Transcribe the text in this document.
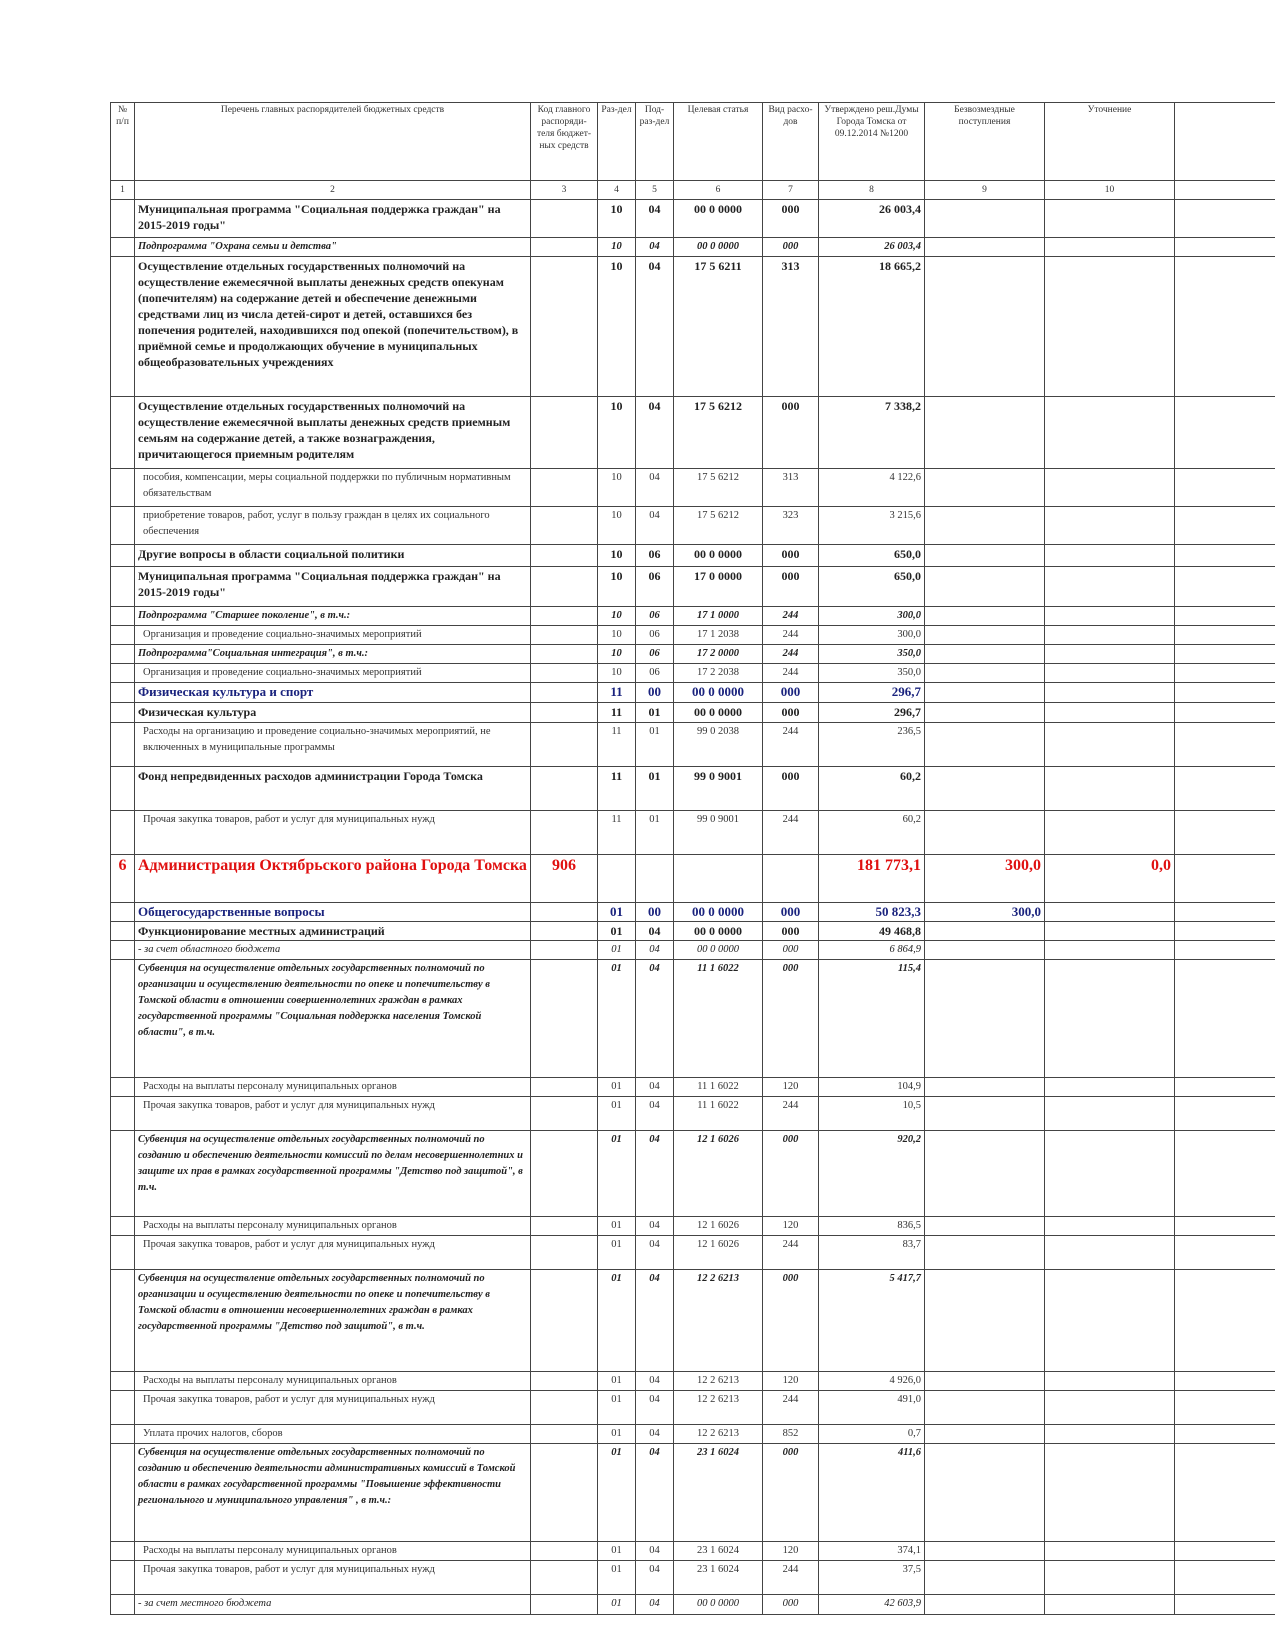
№ п/п	Перечень главных распорядителей бюджетных средств	Код главного распоряди-теля бюджет-ных средств	Раз-дел	Под-раз-дел	Целевая статья	Вид расхо-дов	Утверждено реш.Думы Города Томска от 09.12.2014 №1200	Безвозмездные поступления	Уточнение	
1	2	3	4	5	6	7	8	9	10	
	Муниципальная программа "Социальная поддержка граждан" на 2015-2019 годы"		10	04	00 0 0000	000	26 003,4			
	Подпрограмма "Охрана семьи и детства"		10	04	00 0 0000	000	26 003,4			
	Осуществление отдельных государственных полномочий на осуществление ежемесячной выплаты денежных средств опекунам (попечителям) на содержание детей и обеспечение денежными средствами лиц из числа детей-сирот и детей, оставшихся без попечения родителей, находившихся под опекой (попечительством), в приёмной семье и продолжающих обучение в муниципальных общеобразовательных учреждениях		10	04	17 5 6211	313	18 665,2			
	Осуществление отдельных государственных полномочий на осуществление ежемесячной выплаты денежных средств приемным семьям на содержание детей, а также вознаграждения, причитающегося приемным родителям		10	04	17 5 6212	000	7 338,2			
	пособия, компенсации, меры социальной поддержки по публичным нормативным обязательствам		10	04	17 5 6212	313	4 122,6			
	приобретение товаров, работ, услуг в пользу граждан в целях их социального обеспечения		10	04	17 5 6212	323	3 215,6			
	Другие вопросы в области социальной политики		10	06	00 0 0000	000	650,0			
	Муниципальная программа "Социальная поддержка граждан" на 2015-2019 годы"		10	06	17 0 0000	000	650,0			
	Подпрограмма "Старшее поколение", в т.ч.:		10	06	17 1 0000	244	300,0			
	Организация и проведение социально-значимых мероприятий		10	06	17 1 2038	244	300,0			
	Подпрограмма"Социальная интеграция", в т.ч.:		10	06	17 2 0000	244	350,0			
	Организация и проведение социально-значимых мероприятий		10	06	17 2 2038	244	350,0			
	Физическая культура и спорт		11	00	00 0 0000	000	296,7			
	Физическая культура		11	01	00 0 0000	000	296,7			
	Расходы на организацию и проведение социально-значимых мероприятий, не включенных в муниципальные программы		11	01	99 0 2038	244	236,5			
	Фонд непредвиденных расходов администрации Города Томска		11	01	99 0 9001	000	60,2			
	Прочая закупка товаров, работ и услуг для муниципальных нужд		11	01	99 0 9001	244	60,2			
6	Администрация Октябрьского района Города Томска	906					181 773,1	300,0	0,0	
	Общегосударственные вопросы		01	00	00 0 0000	000	50 823,3	300,0		
	Функционирование местных администраций		01	04	00 0 0000	000	49 468,8			
	- за счет областного бюджета		01	04	00 0 0000	000	6 864,9			
	Субвенция на осуществление отдельных государственных полномочий по организации и осуществлению деятельности по опеке и попечительству в Томской области в отношении совершеннолетних граждан в рамках государственной программы "Социальная поддержка населения Томской области", в т.ч.		01	04	11 1 6022	000	115,4			
	Расходы на выплаты персоналу муниципальных органов		01	04	11 1 6022	120	104,9			
	Прочая закупка товаров, работ и услуг для муниципальных нужд		01	04	11 1 6022	244	10,5			
	Субвенция на осуществление отдельных государственных полномочий по созданию и обеспечению деятельности комиссий по делам несовершеннолетних и защите их прав в рамках государственной программы "Детство под защитой", в т.ч.		01	04	12 1 6026	000	920,2			
	Расходы на выплаты персоналу муниципальных органов		01	04	12 1 6026	120	836,5			
	Прочая закупка товаров, работ и услуг для муниципальных нужд		01	04	12 1 6026	244	83,7			
	Субвенция на осуществление отдельных государственных полномочий по организации и осуществлению деятельности по опеке и попечительству в Томской области в отношении несовершеннолетних граждан в рамках государственной программы "Детство под защитой", в т.ч.		01	04	12 2 6213	000	5 417,7			
	Расходы на выплаты персоналу муниципальных органов		01	04	12 2 6213	120	4 926,0			
	Прочая закупка товаров, работ и услуг для муниципальных нужд		01	04	12 2 6213	244	491,0			
	Уплата прочих налогов, сборов		01	04	12 2 6213	852	0,7			
	Субвенция на осуществление отдельных государственных полномочий по созданию и обеспечению деятельности административных комиссий в Томской области в рамках государственной программы "Повышение эффективности регионального и муниципального управления" , в т.ч.:		01	04	23 1 6024	000	411,6			
	Расходы на выплаты персоналу муниципальных органов		01	04	23 1 6024	120	374,1			
	Прочая закупка товаров, работ и услуг для муниципальных нужд		01	04	23 1 6024	244	37,5			
	- за счет местного бюджета		01	04	00 0 0000	000	42 603,9			
